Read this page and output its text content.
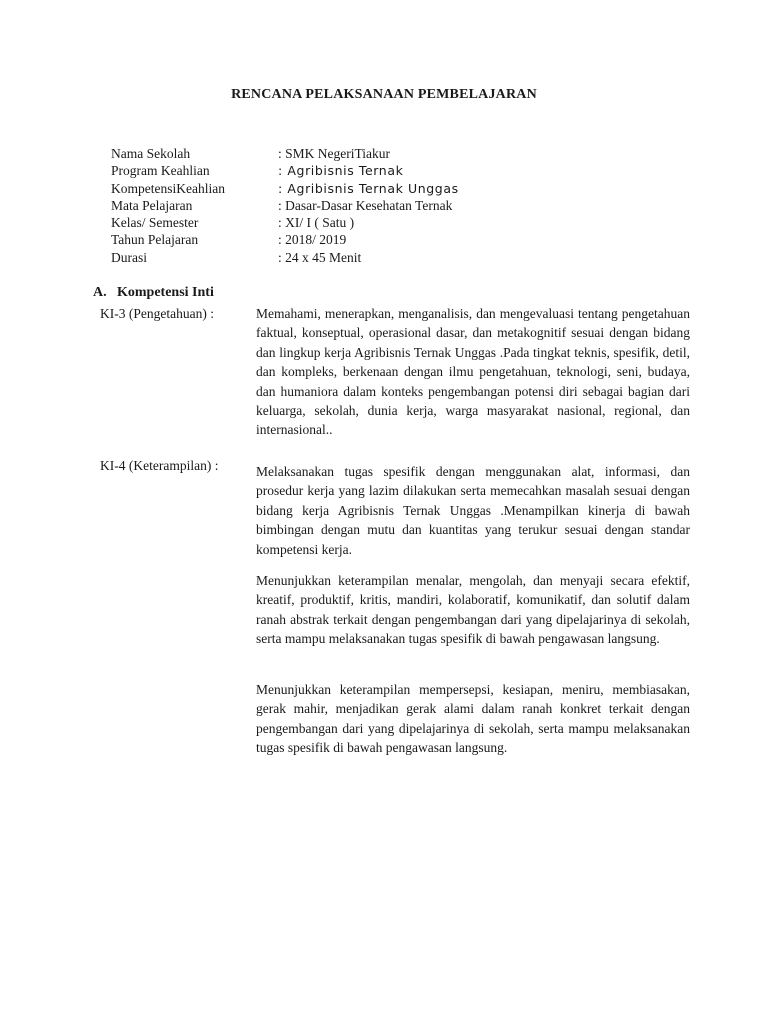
RENCANA PELAKSANAAN PEMBELAJARAN
Nama Sekolah	: SMK NegeriTiakur
Program Keahlian	: Agribisnis Ternak
KompetensiKeahlian	: Agribisnis Ternak Unggas
Mata Pelajaran	: Dasar-Dasar Kesehatan Ternak
Kelas/ Semester	: XI/ I ( Satu )
Tahun Pelajaran	: 2018/ 2019
Durasi	: 24 x 45 Menit
A. Kompetensi Inti
KI-3 (Pengetahuan) :	Memahami, menerapkan, menganalisis, dan mengevaluasi tentang pengetahuan faktual, konseptual, operasional dasar, dan metakognitif sesuai dengan bidang dan lingkup kerja Agribisnis Ternak Unggas .Pada tingkat teknis, spesifik, detil, dan kompleks, berkenaan dengan ilmu pengetahuan, teknologi, seni, budaya, dan humaniora dalam konteks pengembangan potensi diri sebagai bagian dari keluarga, sekolah, dunia kerja, warga masyarakat nasional, regional, dan internasional..

KI-4 (Keterampilan) :	Melaksanakan tugas spesifik dengan menggunakan alat, informasi, dan prosedur kerja yang lazim dilakukan serta memecahkan masalah sesuai dengan bidang kerja Agribisnis Ternak Unggas .Menampilkan kinerja di bawah bimbingan dengan mutu dan kuantitas yang terukur sesuai dengan standar kompetensi kerja.

Menunjukkan keterampilan menalar, mengolah, dan menyaji secara efektif, kreatif, produktif, kritis, mandiri, kolaboratif, komunikatif, dan solutif dalam ranah abstrak terkait dengan pengembangan dari yang dipelajarinya di sekolah, serta mampu melaksanakan tugas spesifik di bawah pengawasan langsung.

Menunjukkan keterampilan mempersepsi, kesiapan, meniru, membiasakan, gerak mahir, menjadikan gerak alami dalam ranah konkret terkait dengan pengembangan dari yang dipelajarinya di sekolah, serta mampu melaksanakan tugas spesifik di bawah pengawasan langsung.
